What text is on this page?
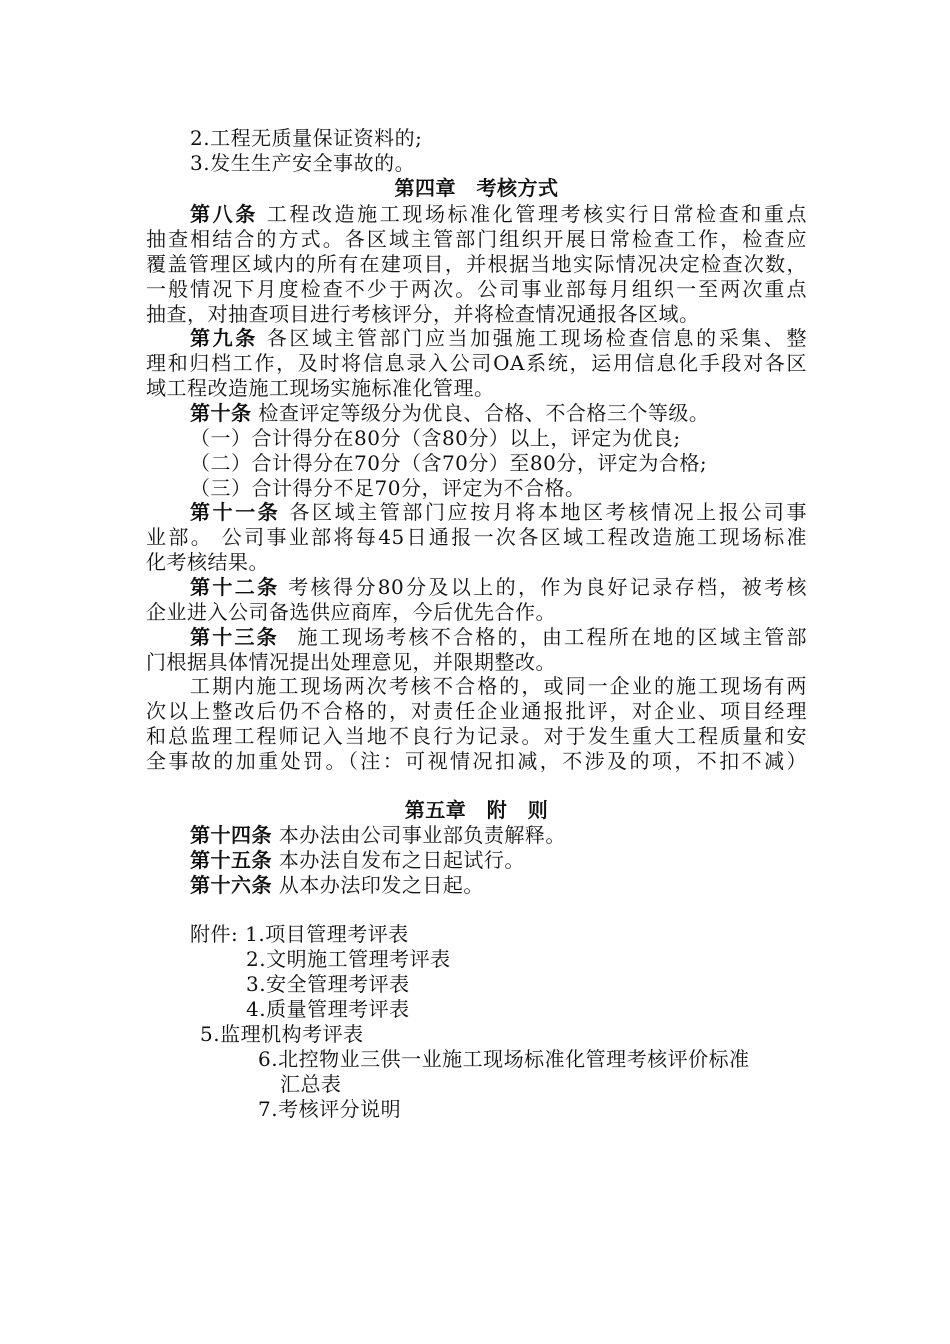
2.工程无质量保证资料的;
3.发生生产安全事故的。
第四章　考核方式
第八条 工程改造施工现场标准化管理考核实行日常检查和重点
抽查相结合的方式。各区域主管部门组织开展日常检查工作，检查应
覆盖管理区域内的所有在建项目，并根据当地实际情况决定检查次数，
一般情况下月度检查不少于两次。公司事业部每月组织一至两次重点
抽查，对抽查项目进行考核评分，并将检查情况通报各区域。
第九条 各区域主管部门应当加强施工现场检查信息的采集、整
理和归档工作，及时将信息录入公司OA系统，运用信息化手段对各区
域工程改造施工现场实施标准化管理。
第十条 检查评定等级分为优良、合格、不合格三个等级。
（一）合计得分在80分（含80分）以上，评定为优良;
（二）合计得分在70分（含70分）至80分，评定为合格;
（三）合计得分不足70分，评定为不合格。
第十一条 各区域主管部门应按月将本地区考核情况上报公司事
业部。 公司事业部将每45日通报一次各区域工程改造施工现场标准
化考核结果。
第十二条 考核得分80分及以上的，作为良好记录存档，被考核
企业进入公司备选供应商库，今后优先合作。
第十三条 施工现场考核不合格的，由工程所在地的区域主管部
门根据具体情况提出处理意见，并限期整改。
工期内施工现场两次考核不合格的，或同一企业的施工现场有两
次以上整改后仍不合格的，对责任企业通报批评，对企业、项目经理
和总监理工程师记入当地不良行为记录。对于发生重大工程质量和安
全事故的加重处罚。（注：可视情况扣减，不涉及的项，不扣不减）
第五章　附　则
第十四条 本办法由公司事业部负责解释。
第十五条 本办法自发布之日起试行。
第十六条 从本办法印发之日起。
附件: 1.项目管理考评表
2.文明施工管理考评表
3.安全管理考评表
4.质量管理考评表
5.监理机构考评表
6.北控物业三供一业施工现场标准化管理考核评价标准
汇总表
7.考核评分说明
